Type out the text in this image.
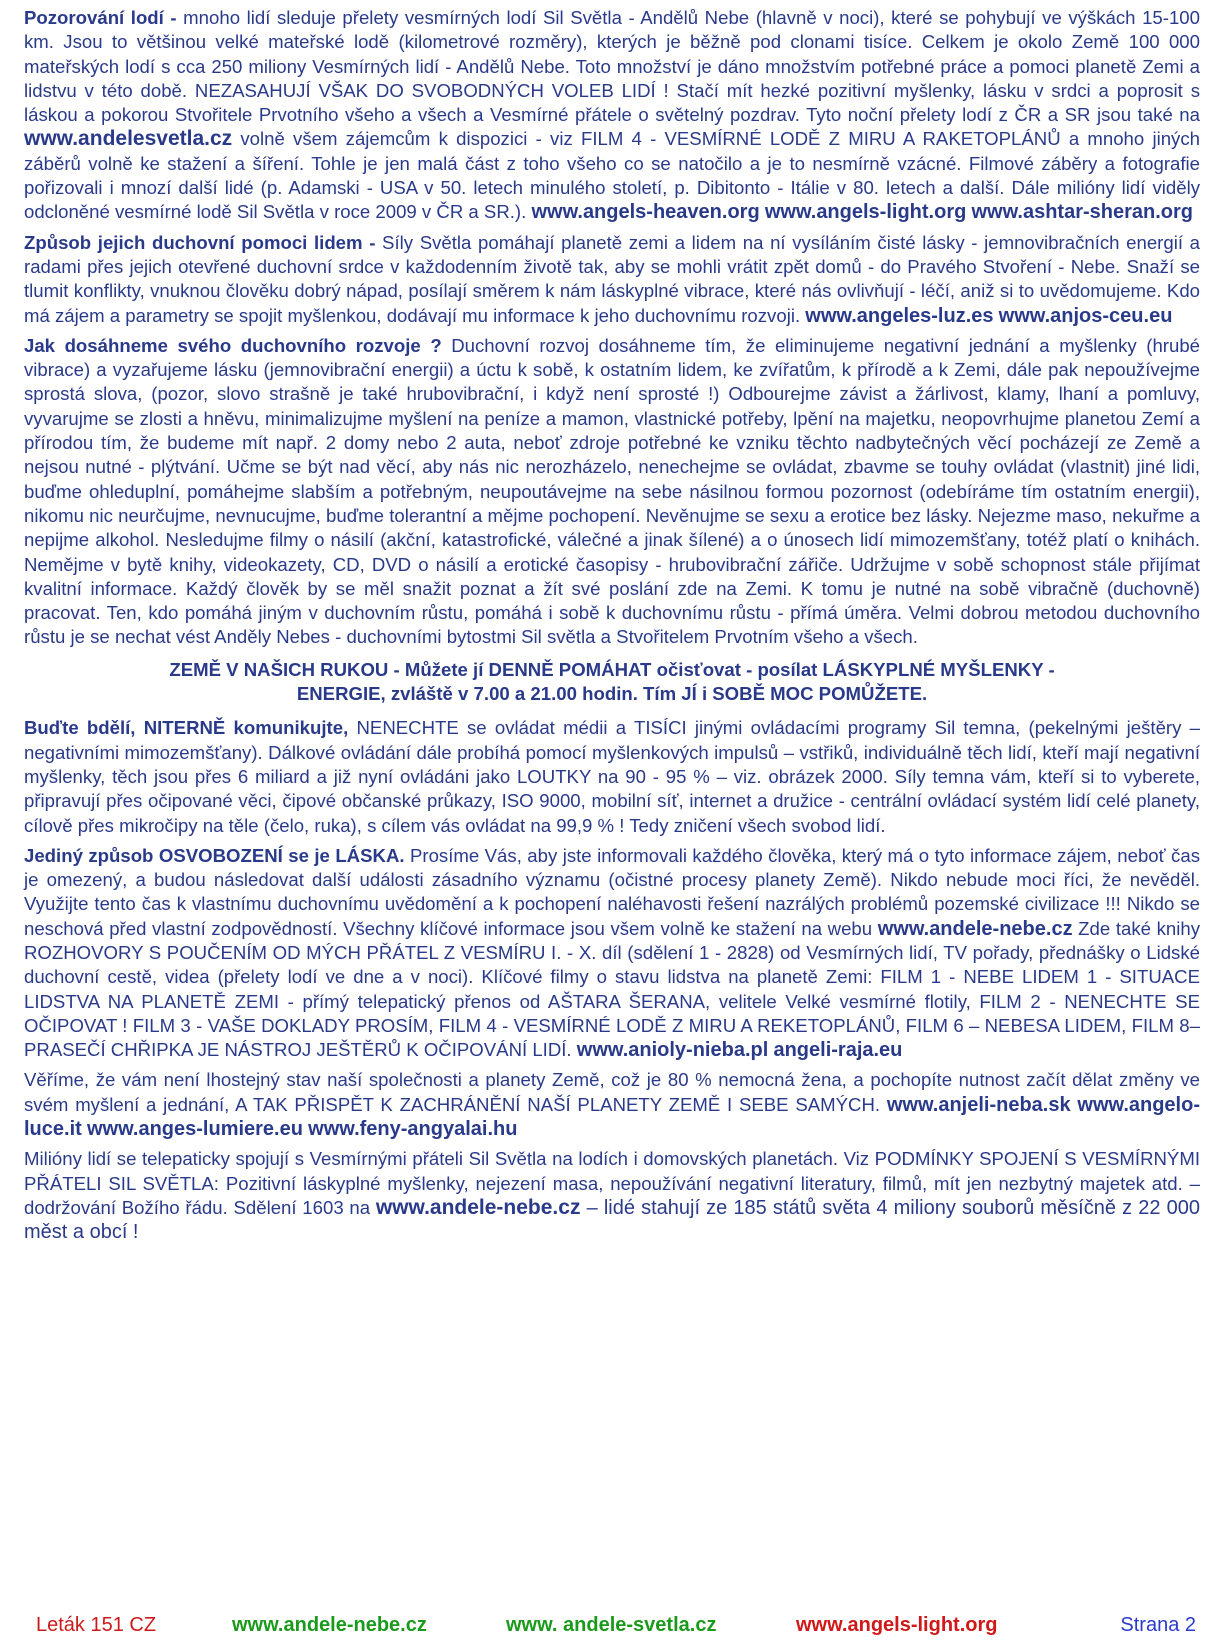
Pozorování lodí - mnoho lidí sleduje přelety vesmírných lodí Sil Světla - Andělů Nebe (hlavně v noci), které se pohybují ve výškách 15-100 km. Jsou to většinou velké mateřské lodě (kilometrové rozměry), kterých je běžně pod clonami tisíce. Celkem je okolo Země 100 000 mateřských lodí s cca 250 miliony Vesmírných lidí - Andělů Nebe. Toto množství je dáno množstvím potřebné práce a pomoci planetě Zemi a lidstvu v této době. NEZASAHUJÍ VŠAK DO SVOBODNÝCH VOLEB LIDÍ ! Stačí mít hezké pozitivní myšlenky, lásku v srdci a poprosit s láskou a pokorou Stvořitele Prvotního všeho a všech a Vesmírné přátele o světelný pozdrav. Tyto noční přelety lodí z ČR a SR jsou také na www.andelesvetla.cz volně všem zájemcům k dispozici - viz FILM 4 - VESMÍRNÉ LODĚ Z MIRU A RAKETOPLÁNŮ a mnoho jiných záběrů volně ke stažení a šíření. Tohle je jen malá část z toho všeho co se natočilo a je to nesmírně vzácné. Filmové záběry a fotografie pořizovali i mnozí další lidé (p. Adamski - USA v 50. letech minulého století, p. Dibitonto - Itálie v 80. letech a další. Dále milióny lidí viděly odcloněné vesmírné lodě Sil Světla v roce 2009 v ČR a SR.). www.angels-heaven.org www.angels-light.org www.ashtar-sheran.org

Způsob jejich duchovní pomoci lidem - Síly Světla pomáhají planetě zemi a lidem na ní vysíláním čisté lásky - jemnovibračních energií a radami přes jejich otevřené duchovní srdce v každodenním životě tak, aby se mohli vrátit zpět domů - do Pravého Stvoření - Nebe. Snaží se tlumit konflikty, vnuknou člověku dobrý nápad, posílají směrem k nám láskyplné vibrace, které nás ovlivňují - léčí, aniž si to uvědomujeme. Kdo má zájem a parametry se spojit myšlenkou, dodávají mu informace k jeho duchovnímu rozvoji. www.angeles-luz.es www.anjos-ceu.eu

Jak dosáhneme svého duchovního rozvoje ? Duchovní rozvoj dosáhneme tím, že eliminujeme negativní jednání a myšlenky (hrubé vibrace) a vyzařujeme lásku (jemnovibrační energii) a úctu k sobě, k ostatním lidem, ke zvířatům, k přírodě a k Zemi, dále pak nepoužívejme sprostá slova, (pozor, slovo strašně je také hrubovibrační, i když není sprosté !) Odbourejme závist a žárlivost, klamy, lhaní a pomluvy, vyvarujme se zlosti a hněvu, minimalizujme myšlení na peníze a mamon, vlastnické potřeby, lpění na majetku, neopovrhujme planetou Zemí a přírodou tím, že budeme mít např. 2 domy nebo 2 auta, neboť zdroje potřebné ke vzniku těchto nadbytečných věcí pocházejí ze Země a nejsou nutné - plýtvání. Učme se být nad věcí, aby nás nic nerozházelo, nenechejme se ovládat, zbavme se touhy ovládat (vlastnit) jiné lidi, buďme ohleduplní, pomáhejme slabším a potřebným, neupoutávejme na sebe násilnou formou pozornost (odebíráme tím ostatním energii), nikomu nic neurčujme, nevnucujme, buďme tolerantní a mějme pochopení. Nevěnujme se sexu a erotice bez lásky. Nejezme maso, nekuřme a nepijme alkohol. Nesledujme filmy o násilí (akční, katastrofické, válečné a jinak šílené) a o únosech lidí mimozemšťany, totéž platí o knihách. Nemějme v bytě knihy, videokazety, CD, DVD o násilí a erotické časopisy - hrubovibrační zářiče. Udržujme v sobě schopnost stále přijímat kvalitní informace. Každý člověk by se měl snažit poznat a žít své poslání zde na Zemi. K tomu je nutné na sobě vibračně (duchovně) pracovat. Ten, kdo pomáhá jiným v duchovním růstu, pomáhá i sobě k duchovnímu růstu - přímá úměra. Velmi dobrou metodou duchovního růstu je se nechat vést Anděly Nebes - duchovními bytostmi Sil světla a Stvořitelem Prvotním všeho a všech.

ZEMĚ V NAŠICH RUKOU - Můžete jí DENNĚ POMÁHAT očisťovat - posílat LÁSKYPLNÉ MYŠLENKY -
ENERGIE, zvláště v 7.00 a 21.00 hodin. Tím JÍ i SOBĚ MOC POMŮŽETE.

Buďte bdělí, NITERNĚ komunikujte, NENECHTE se ovládat médii a TISÍCI jinými ovládacími programy Sil temna, (pekelnými ještěry – negativními mimozemšťany). Dálkové ovládání dále probíhá pomocí myšlenkových impulsů – vstřiků, individuálně těch lidí, kteří mají negativní myšlenky, těch jsou přes 6 miliard a již nyní ovládáni jako LOUTKY na 90 - 95 % – viz. obrázek 2000. Síly temna vám, kteří si to vyberete, připravují přes očipované věci, čipové občanské průkazy, ISO 9000, mobilní síť, internet a družice - centrální ovládací systém lidí celé planety, cílově přes mikročipy na těle (čelo, ruka), s cílem vás ovládat na 99,9 % ! Tedy zničení všech svobod lidí.

Jediný způsob OSVOBOZENÍ se je LÁSKA. Prosíme Vás, aby jste informovali každého člověka, který má o tyto informace zájem, neboť čas je omezený, a budou následovat další události zásadního významu (očistné procesy planety Země). Nikdo nebude moci říci, že nevěděl. Využijte tento čas k vlastnímu duchovnímu uvědomění a k pochopení naléhavosti řešení nazrálých problémů pozemské civilizace !!! Nikdo se neschová před vlastní zodpovědností. Všechny klíčové informace jsou všem volně ke stažení na webu www.andele-nebe.cz Zde také knihy ROZHOVORY S POUČENÍM OD MÝCH PŘÁTEL Z VESMÍRU I. - X. díl (sdělení 1 - 2828) od Vesmírných lidí, TV pořady, přednášky o Lidské duchovní cestě, videa (přelety lodí ve dne a v noci). Klíčové filmy o stavu lidstva na planetě Zemi: FILM 1 - NEBE LIDEM 1 - SITUACE LIDSTVA NA PLANETĚ ZEMI - přímý telepatický přenos od AŠTARA ŠERANA, velitele Velké vesmírné flotily, FILM 2 - NENECHTE SE OČIPOVAT ! FILM 3 - VAŠE DOKLADY PROSÍM, FILM 4 - VESMÍRNÉ LODĚ Z MIRU A REKETOPLÁNŮ, FILM 6 – NEBESA LIDEM, FILM 8–PRASEČÍ CHŘIPKA JE NÁSTROJ JEŠTĚRŮ K OČIPOVÁNÍ LIDÍ. www.anioly-nieba.pl angeli-raja.eu

Věříme, že vám není lhostejný stav naší společnosti a planety Země, což je 80 % nemocná žena, a pochopíte nutnost začít dělat změny ve svém myšlení a jednání, A TAK PŘISPĚT K ZACHRÁNĚNÍ NAŠÍ PLANETY ZEMĚ I SEBE SAMÝCH. www.anjeli-neba.sk www.angelo-luce.it www.anges-lumiere.eu www.feny-angyalai.hu

Milióny lidí se telepaticky spojují s Vesmírnými přáteli Sil Světla na lodích i domovských planetách. Viz PODMÍNKY SPOJENÍ S VESMÍRNÝMI PŘÁTELI SIL SVĚTLA: Pozitivní láskyplné myšlenky, nejezení masa, nepoužívání negativní literatury, filmů, mít jen nezbytný majetek atd. – dodržování Božího řádu. Sdělení 1603 na www.andele-nebe.cz – lidé stahují ze 185 států světa 4 miliony souborů měsíčně z 22 000 měst a obcí !

Leták 151 CZ	www.andele-nebe.cz	www. andele-svetla.cz	www.angels-light.org	Strana 2
